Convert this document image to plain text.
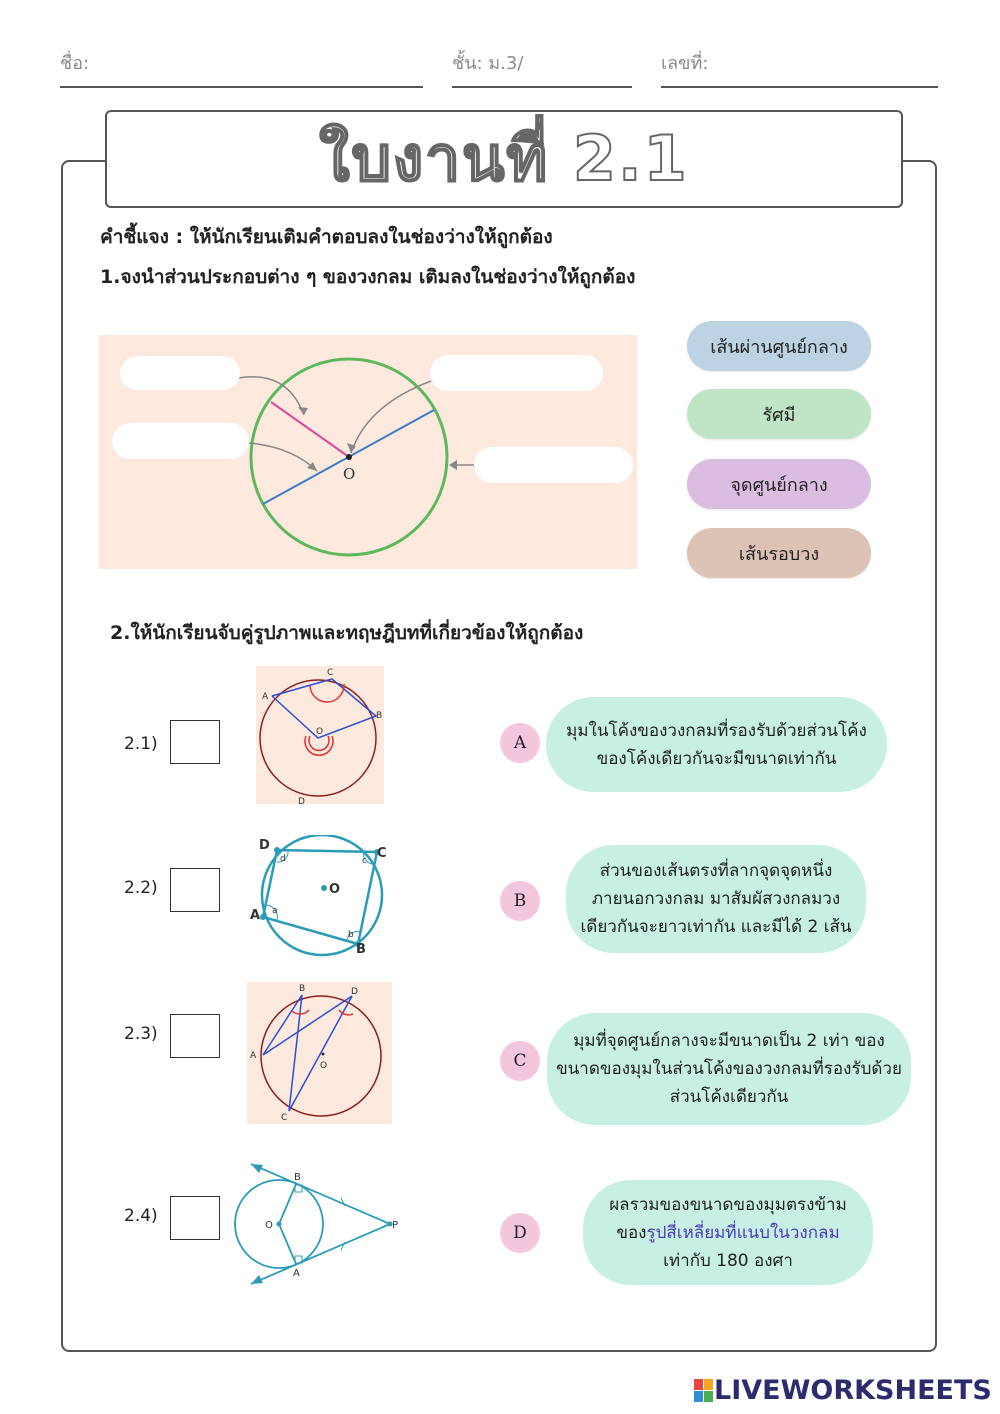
ชื่อ:	ชั้น: ม.3/	เลขที่:
ใบงานที่ 2.1
คำชี้แจง : ให้นักเรียนเติมคำตอบลงในช่องว่างให้ถูกต้อง
1.จงนำส่วนประกอบต่าง ๆ ของวงกลม เติมลงในช่องว่างให้ถูกต้อง
O
เส้นผ่านศูนย์กลาง
รัศมี
จุดศูนย์กลาง
เส้นรอบวง
2.ให้นักเรียนจับคู่รูปภาพและทฤษฎีบทที่เกี่ยวข้องให้ถูกต้อง
2.1)
C
A
B
O
D
A
มุมในโค้งของวงกลมที่รองรับด้วยส่วนโค้ง
ของโค้งเดียวกันจะมีขนาดเท่ากัน
2.2)
D
C
A
B
O
d	c
a
b
B
ส่วนของเส้นตรงที่ลากจุดจุดหนึ่ง
ภายนอกวงกลม มาสัมผัสวงกลมวง
เดียวกันจะยาวเท่ากัน และมีได้ 2 เส้น
2.3)
B	D
A
O
C
C
มุมที่จุดศูนย์กลางจะมีขนาดเป็น 2 เท่า ของ
ขนาดของมุมในส่วนโค้งของวงกลมที่รองรับด้วย
ส่วนโค้งเดียวกัน
2.4)
B
O	P
A
D
ผลรวมของขนาดของมุมตรงข้าม
ของรูปสี่เหลี่ยมที่แนบในวงกลม
เท่ากับ 180 องศา
LIVEWORKSHEETS
